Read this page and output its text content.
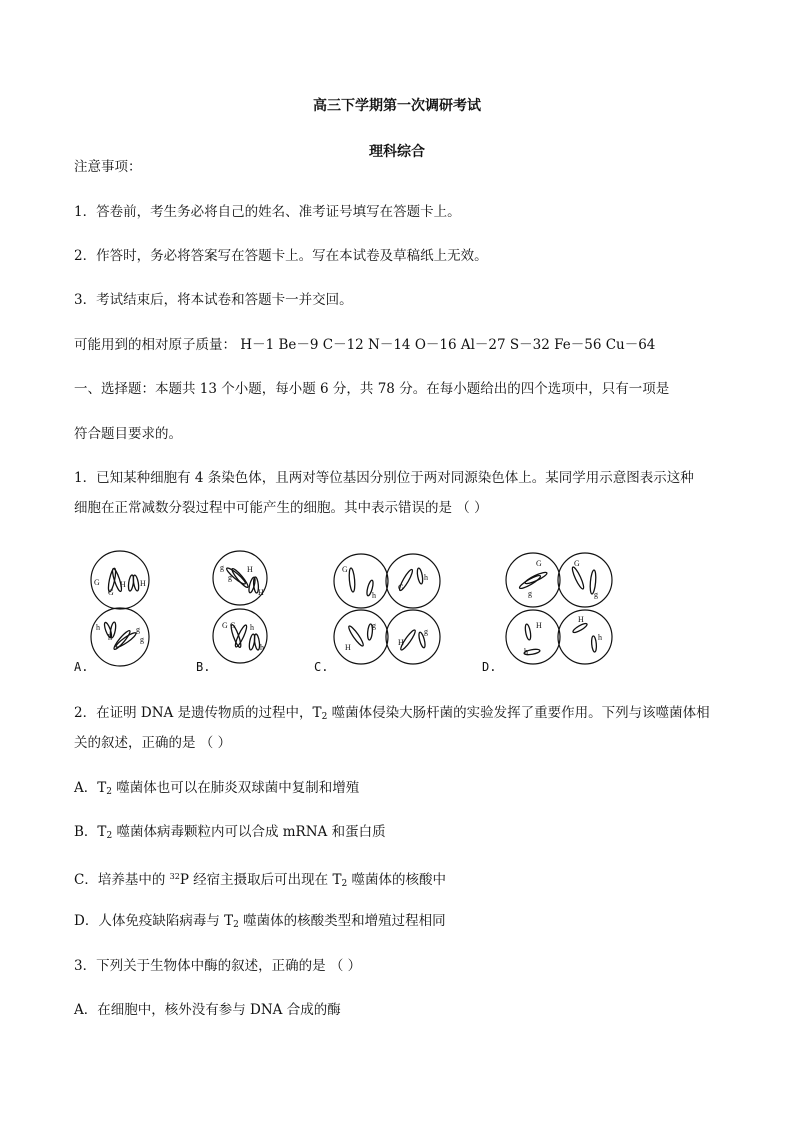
高三下学期第一次调研考试
理科综合
注意事项：
1．答卷前，考生务必将自己的姓名、准考证号填写在答题卡上。
2．作答时，务必将答案写在答题卡上。写在本试卷及草稿纸上无效。
3．考试结束后，将本试卷和答题卡一并交回。
可能用到的相对原子质量： H－1 Be－9 C－12 N－14 O－16 Al－27 S－32 Fe－56 Cu－64
一、选择题：本题共 13 个小题，每小题 6 分，共 78 分。在每小题给出的四个选项中，只有一项是
符合题目要求的。
1．已知某种细胞有 4 条染色体，且两对等位基因分别位于两对同源染色体上。某同学用示意图表示这种
细胞在正常减数分裂过程中可能产生的细胞。其中表示错误的是 （ ）
G
G
H H
h
h
g
g
g
g
H
H
G G h
h
G
h
G
h
H
g
H
g
G
g
G
g
H
h
H
h
A.	B.	C.	D.
2．在证明 DNA 是遗传物质的过程中，$T_2$ 噬菌体侵染大肠杆菌的实验发挥了重要作用。下列与该噬菌体相
关的叙述，正确的是 （ ）
A．$T_2$ 噬菌体也可以在肺炎双球菌中复制和增殖
B．$T_2$ 噬菌体病毒颗粒内可以合成 mRNA 和蛋白质
C．培养基中的 $^{32}$P 经宿主摄取后可出现在 $T_2$ 噬菌体的核酸中
D．人体免疫缺陷病毒与 $T_2$ 噬菌体的核酸类型和增殖过程相同
3．下列关于生物体中酶的叙述，正确的是 （ ）
A．在细胞中，核外没有参与 DNA 合成的酶
